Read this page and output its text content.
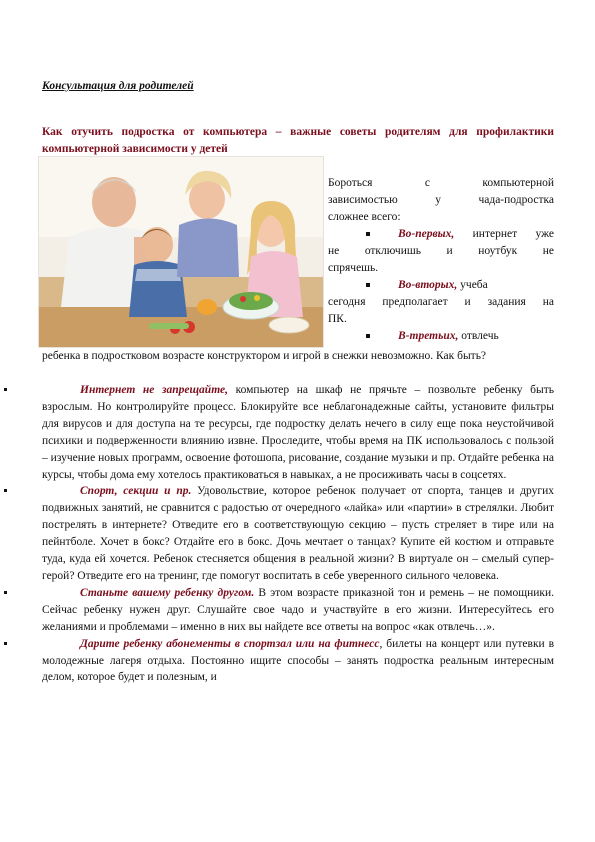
Консультация для родителей
Как отучить подростка от компьютера – важные советы родителям для профилактики компьютерной зависимости у детей

Бороться	с	компьютерной

зависимостью	у	чада-подростка

сложнее всего:

Во-первых, интернет уже

не отключишь и ноутбук не

спрячешь.

Во-вторых, учеба

сегодня предполагает и задания на

ПК.

В-третьих, отвлечь

ребенка в подростковом возрасте конструктором и игрой в снежки невозможно. Как быть?

Интернет не запрещайте, компьютер на шкаф не прячьте – позвольте ребенку быть взрослым. Но контролируйте процесс. Блокируйте все неблагонадежные сайты, установите фильтры для вирусов и для доступа на те ресурсы, где подростку делать нечего в силу еще пока неустойчивой психики и подверженности влиянию извне. Проследите, чтобы время на ПК использовалось с пользой – изучение новых программ, освоение фотошопа, рисование, создание музыки и пр. Отдайте ребенка на курсы, чтобы дома ему хотелось практиковаться в навыках, а не просиживать часы в соцсетях.

Спорт, секции и пр. Удовольствие, которое ребенок получает от спорта, танцев и других подвижных занятий, не сравнится с радостью от очередного «лайка» или «партии» в стрелялки. Любит пострелять в интернете? Отведите его в соответствующую секцию – пусть стреляет в тире или на пейнтболе. Хочет в бокс? Отдайте его в бокс. Дочь мечтает о танцах? Купите ей костюм и отправьте туда, куда ей хочется. Ребенок стесняется общения в реальной жизни? В виртуале он – смелый супер-герой? Отведите его на тренинг, где помогут воспитать в себе уверенного сильного человека.

Станьте вашему ребенку другом. В этом возрасте приказной тон и ремень – не помощники. Сейчас ребенку нужен друг. Слушайте свое чадо и участвуйте в его жизни. Интересуйтесь его желаниями и проблемами – именно в них вы найдете все ответы на вопрос «как отвлечь…».

Дарите ребенку абонементы в спортзал или на фитнесс, билеты на концерт или путевки в молодежные лагеря отдыха. Постоянно ищите способы – занять подростка реальным интересным делом, которое будет и полезным, и
